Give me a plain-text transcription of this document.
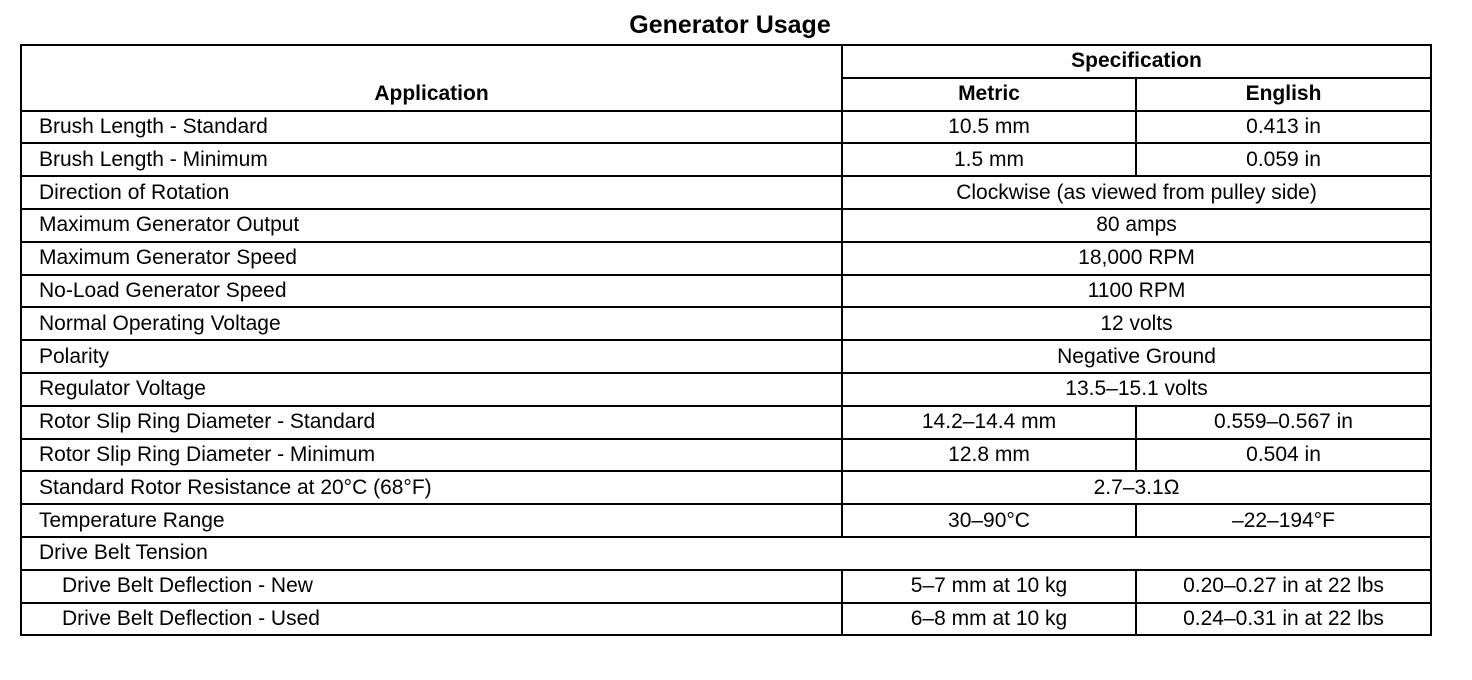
Generator Usage
Application	Specification	
	Metric	English
Brush Length - Standard	10.5 mm	0.413 in
Brush Length - Minimum	1.5 mm	0.059 in
Direction of Rotation	Clockwise (as viewed from pulley side)	
Maximum Generator Output	80 amps	
Maximum Generator Speed	18,000 RPM	
No-Load Generator Speed	1100 RPM	
Normal Operating Voltage	12 volts	
Polarity	Negative Ground	
Regulator Voltage	13.5–15.1 volts	
Rotor Slip Ring Diameter - Standard	14.2–14.4 mm	0.559–0.567 in
Rotor Slip Ring Diameter - Minimum	12.8 mm	0.504 in
Standard Rotor Resistance at 20°C (68°F)	2.7–3.1Ω	
Temperature Range	30–90°C	–22–194°F
Drive Belt Tension		
Drive Belt Deflection - New	5–7 mm at 10 kg	0.20–0.27 in at 22 lbs
Drive Belt Deflection - Used	6–8 mm at 10 kg	0.24–0.31 in at 22 lbs
